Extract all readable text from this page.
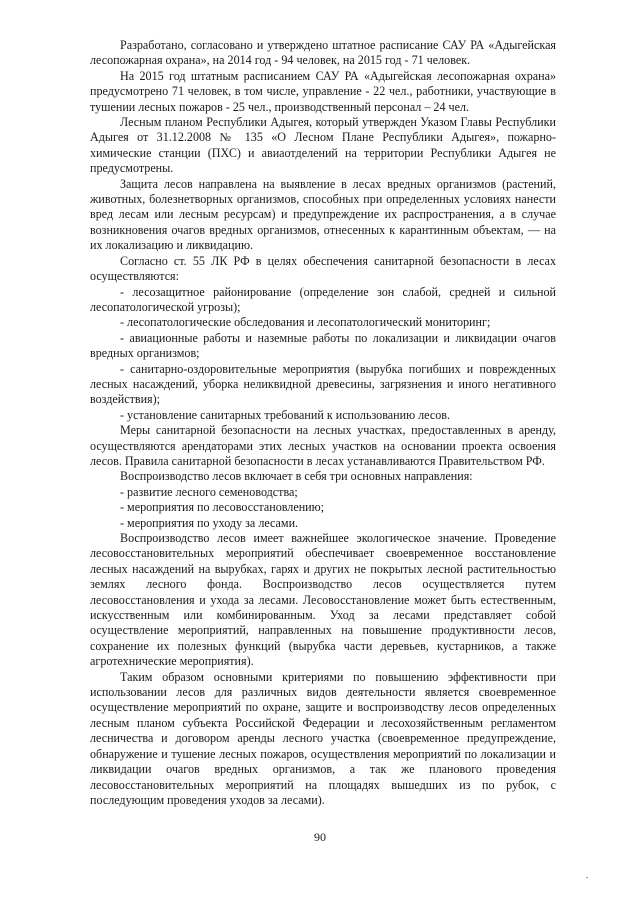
Разработано, согласовано и утверждено штатное расписание САУ РА «Адыгейская лесопожарная охрана», на 2014 год - 94 человек, на 2015 год - 71 человек.

На 2015 год штатным расписанием САУ РА «Адыгейская лесопожарная охрана» предусмотрено 71 человек, в том числе, управление - 22 чел., работники, участвующие в тушении лесных пожаров - 25 чел., производственный персонал – 24 чел.

Лесным планом Республики Адыгея, который утвержден Указом Главы Республики Адыгея от 31.12.2008 № 135 «О Лесном Плане Республики Адыгея», пожарно-химические станции (ПХС) и авиаотделений на территории Республики Адыгея не предусмотрены.

Защита лесов направлена на выявление в лесах вредных организмов (растений, животных, болезнетворных организмов, способных при определенных условиях нанести вред лесам или лесным ресурсам) и предупреждение их распространения, а в случае возникновения очагов вредных организмов, отнесенных к карантинным объектам, — на их локализацию и ликвидацию.

Согласно ст. 55 ЛК РФ в целях обеспечения санитарной безопасности в лесах осуществляются:

- лесозащитное районирование (определение зон слабой, средней и сильной лесопатологической угрозы);

- лесопатологические обследования и лесопатологический мониторинг;

- авиационные работы и наземные работы по локализации и ликвидации очагов вредных организмов;

- санитарно-оздоровительные мероприятия (вырубка погибших и поврежденных лесных насаждений, уборка неликвидной древесины, загрязнения и иного негативного воздействия);

- установление санитарных требований к использованию лесов.

Меры санитарной безопасности на лесных участках, предоставленных в аренду, осуществляются арендаторами этих лесных участков на основании проекта освоения лесов. Правила санитарной безопасности в лесах устанавливаются Правительством РФ.

Воспроизводство лесов включает в себя три основных направления:

- развитие лесного семеноводства;

- мероприятия по лесовосстановлению;

- мероприятия по уходу за лесами.

Воспроизводство лесов имеет важнейшее экологическое значение. Проведение лесовосстановительных мероприятий обеспечивает своевременное восстановление лесных насаждений на вырубках, гарях и других не покрытых лесной растительностью землях лесного фонда. Воспроизводство лесов осуществляется путем лесовосстановления и ухода за лесами. Лесовосстановление может быть естественным, искусственным или комбинированным. Уход за лесами представляет собой осуществление мероприятий, направленных на повышение продуктивности лесов, сохранение их полезных функций (вырубка части деревьев, кустарников, а также агротехнические мероприятия).

Таким образом основными критериями по повышению эффективности при использовании лесов для различных видов деятельности является своевременное осуществление мероприятий по охране, защите и воспроизводству лесов определенных лесным планом субъекта Российской Федерации и лесохозяйственным регламентом лесничества и договором аренды лесного участка (своевременное предупреждение, обнаружение и тушение лесных пожаров, осуществления мероприятий по локализации и ликвидации очагов вредных организмов, а так же планового проведения лесовосстановительных мероприятий на площадях вышедших из по рубок, с последующим проведения уходов за лесами).

90
